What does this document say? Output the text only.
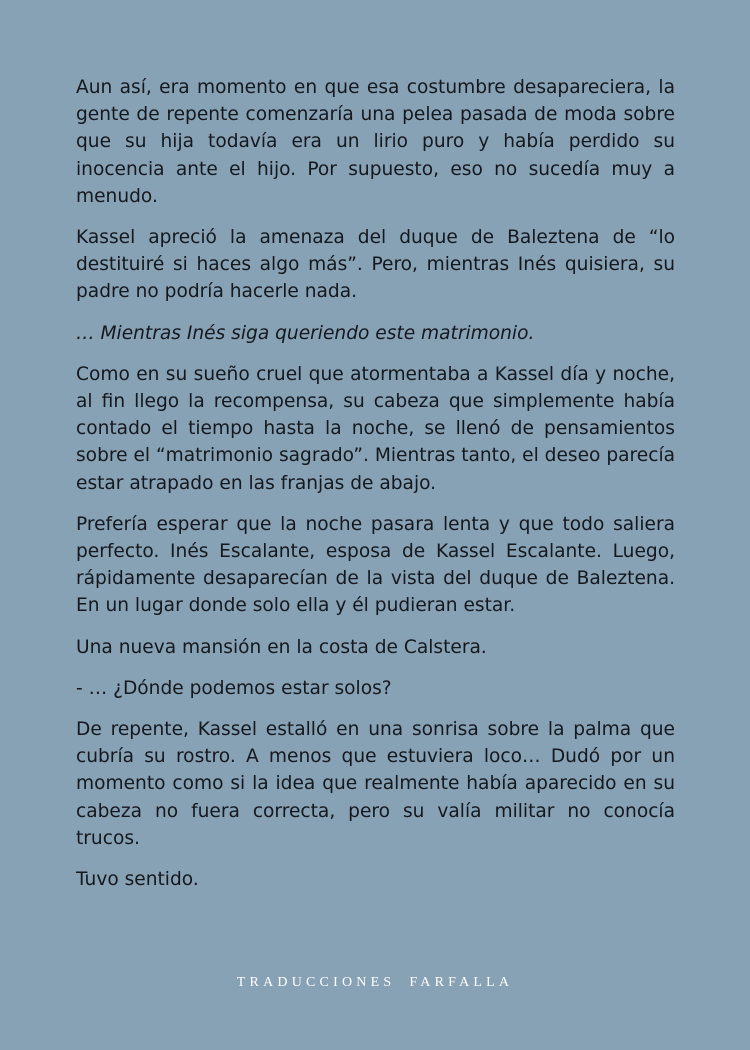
Aun así, era momento en que esa costumbre desapareciera, la gente de repente comenzaría una pelea pasada de moda sobre que su hija todavía era un lirio puro y había perdido su inocencia ante el hijo. Por supuesto, eso no sucedía muy a menudo.

Kassel apreció la amenaza del duque de Baleztena de “lo destituiré si haces algo más”. Pero, mientras Inés quisiera, su padre no podría hacerle nada.

… Mientras Inés siga queriendo este matrimonio.

Como en su sueño cruel que atormentaba a Kassel día y noche, al fin llego la recompensa, su cabeza que simplemente había contado el tiempo hasta la noche, se llenó de pensamientos sobre el “matrimonio sagrado”. Mientras tanto, el deseo parecía estar atrapado en las franjas de abajo.

Prefería esperar que la noche pasara lenta y que todo saliera perfecto. Inés Escalante, esposa de Kassel Escalante. Luego, rápidamente desaparecían de la vista del duque de Baleztena. En un lugar donde solo ella y él pudieran estar.

Una nueva mansión en la costa de Calstera.

- … ¿Dónde podemos estar solos?

De repente, Kassel estalló en una sonrisa sobre la palma que cubría su rostro. A menos que estuviera loco… Dudó por un momento como si la idea que realmente había aparecido en su cabeza no fuera correcta, pero su valía militar no conocía trucos.

Tuvo sentido.

TRADUCCIONES FARFALLA
